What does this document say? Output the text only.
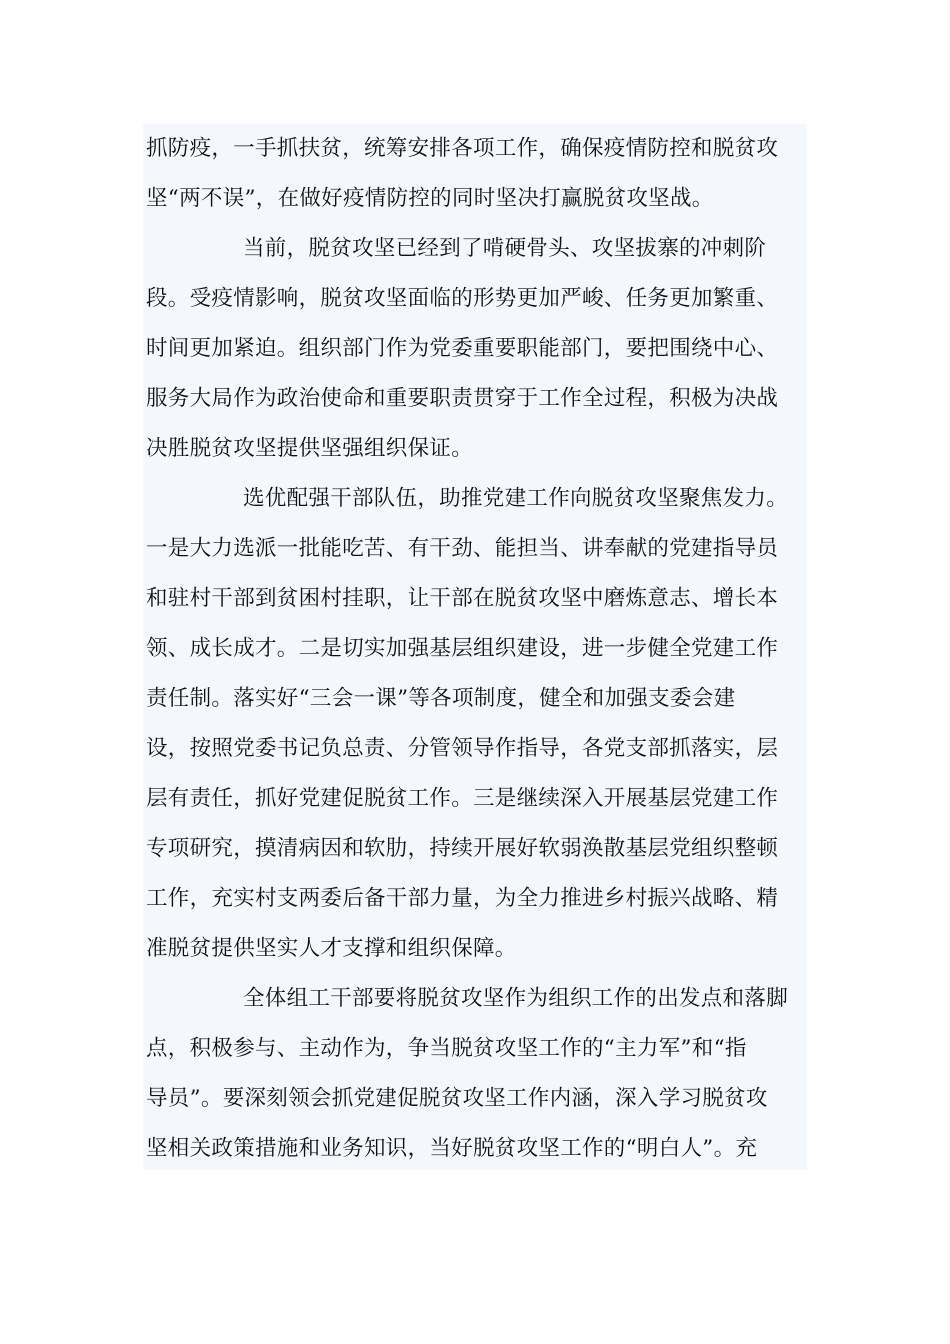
抓防疫，一手抓扶贫，统筹安排各项工作，确保疫情防控和脱贫攻
坚“两不误”，在做好疫情防控的同时坚决打赢脱贫攻坚战。
当前，脱贫攻坚已经到了啃硬骨头、攻坚拔寨的冲刺阶
段。受疫情影响，脱贫攻坚面临的形势更加严峻、任务更加繁重、
时间更加紧迫。组织部门作为党委重要职能部门，要把围绕中心、
服务大局作为政治使命和重要职责贯穿于工作全过程，积极为决战
决胜脱贫攻坚提供坚强组织保证。
选优配强干部队伍，助推党建工作向脱贫攻坚聚焦发力。
一是大力选派一批能吃苦、有干劲、能担当、讲奉献的党建指导员
和驻村干部到贫困村挂职，让干部在脱贫攻坚中磨炼意志、增长本
领、成长成才。二是切实加强基层组织建设，进一步健全党建工作
责任制。落实好“三会一课”等各项制度，健全和加强支委会建
设，按照党委书记负总责、分管领导作指导，各党支部抓落实，层
层有责任，抓好党建促脱贫工作。三是继续深入开展基层党建工作
专项研究，摸清病因和软肋，持续开展好软弱涣散基层党组织整顿
工作，充实村支两委后备干部力量，为全力推进乡村振兴战略、精
准脱贫提供坚实人才支撑和组织保障。
全体组工干部要将脱贫攻坚作为组织工作的出发点和落脚
点，积极参与、主动作为，争当脱贫攻坚工作的“主力军”和“指
导员”。要深刻领会抓党建促脱贫攻坚工作内涵，深入学习脱贫攻
坚相关政策措施和业务知识，当好脱贫攻坚工作的“明白人”。充
